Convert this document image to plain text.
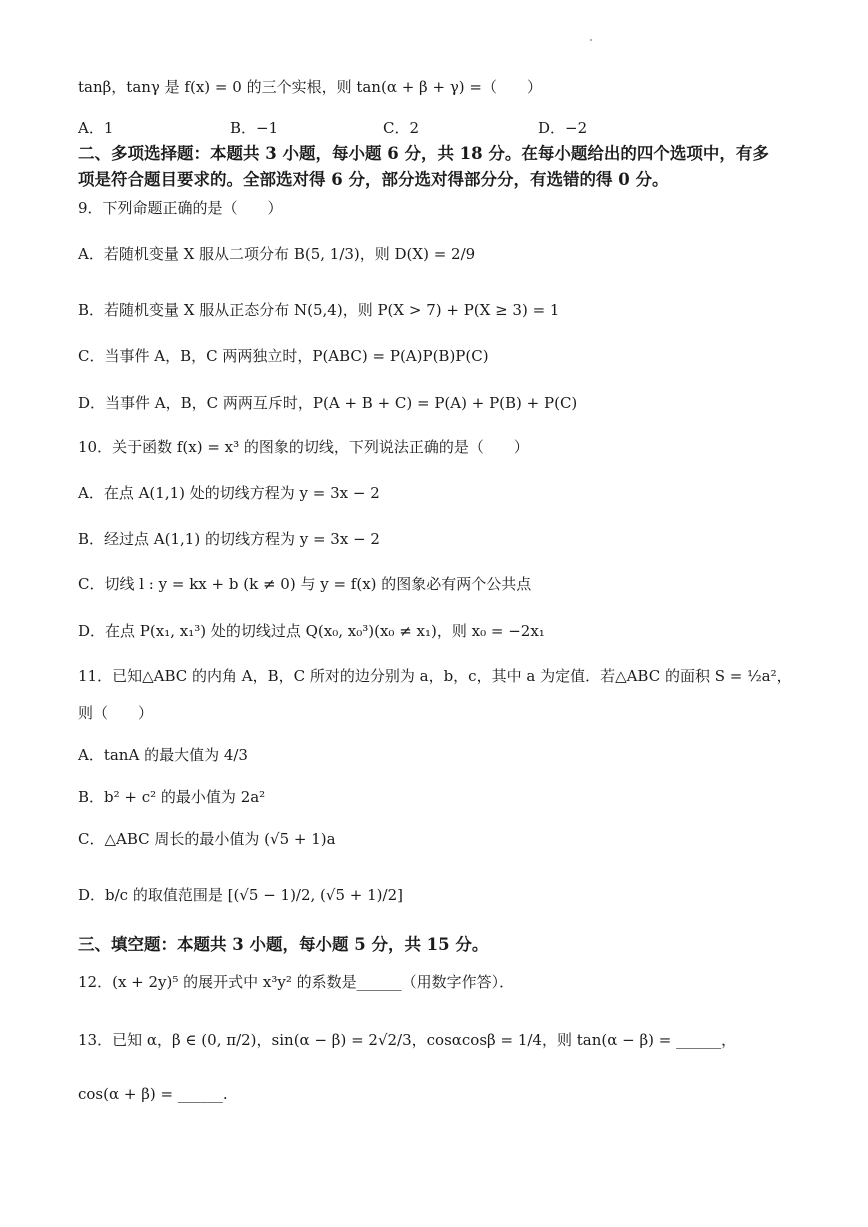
tanβ，tanγ 是 f(x) = 0 的三个实根，则 tan(α + β + γ) =（　　）
A．1	B．−1	C．2	D．−2
二、多项选择题：本题共 3 小题，每小题 6 分，共 18 分。在每小题给出的四个选项中，有多
项是符合题目要求的。全部选对得 6 分，部分选对得部分分，有选错的得 0 分。
9．下列命题正确的是（　　）
A．若随机变量 X 服从二项分布 B(5, 1/3)，则 D(X) = 2/9
B．若随机变量 X 服从正态分布 N(5,4)，则 P(X > 7) + P(X ≥ 3) = 1
C．当事件 A，B，C 两两独立时，P(ABC) = P(A)P(B)P(C)
D．当事件 A，B，C 两两互斥时，P(A + B + C) = P(A) + P(B) + P(C)
10．关于函数 f(x) = x³ 的图象的切线，下列说法正确的是（　　）
A．在点 A(1,1) 处的切线方程为 y = 3x − 2
B．经过点 A(1,1) 的切线方程为 y = 3x − 2
C．切线 l : y = kx + b (k ≠ 0) 与 y = f(x) 的图象必有两个公共点
D．在点 P(x₁, x₁³) 处的切线过点 Q(x₀, x₀³)(x₀ ≠ x₁)，则 x₀ = −2x₁
11．已知△ABC 的内角 A，B，C 所对的边分别为 a，b，c，其中 a 为定值．若△ABC 的面积 S = ½a²，
则（　　）
A．tanA 的最大值为 4/3
B．b² + c² 的最小值为 2a²
C．△ABC 周长的最小值为 (√5 + 1)a
D．b/c 的取值范围是 [(√5 − 1)/2, (√5 + 1)/2]
三、填空题：本题共 3 小题，每小题 5 分，共 15 分。
12．(x + 2y)⁵ 的展开式中 x³y² 的系数是______（用数字作答）．
13．已知 α，β ∈ (0, π/2)，sin(α − β) = 2√2/3，cosαcosβ = 1/4，则 tan(α − β) = ______，
cos(α + β) = ______.
